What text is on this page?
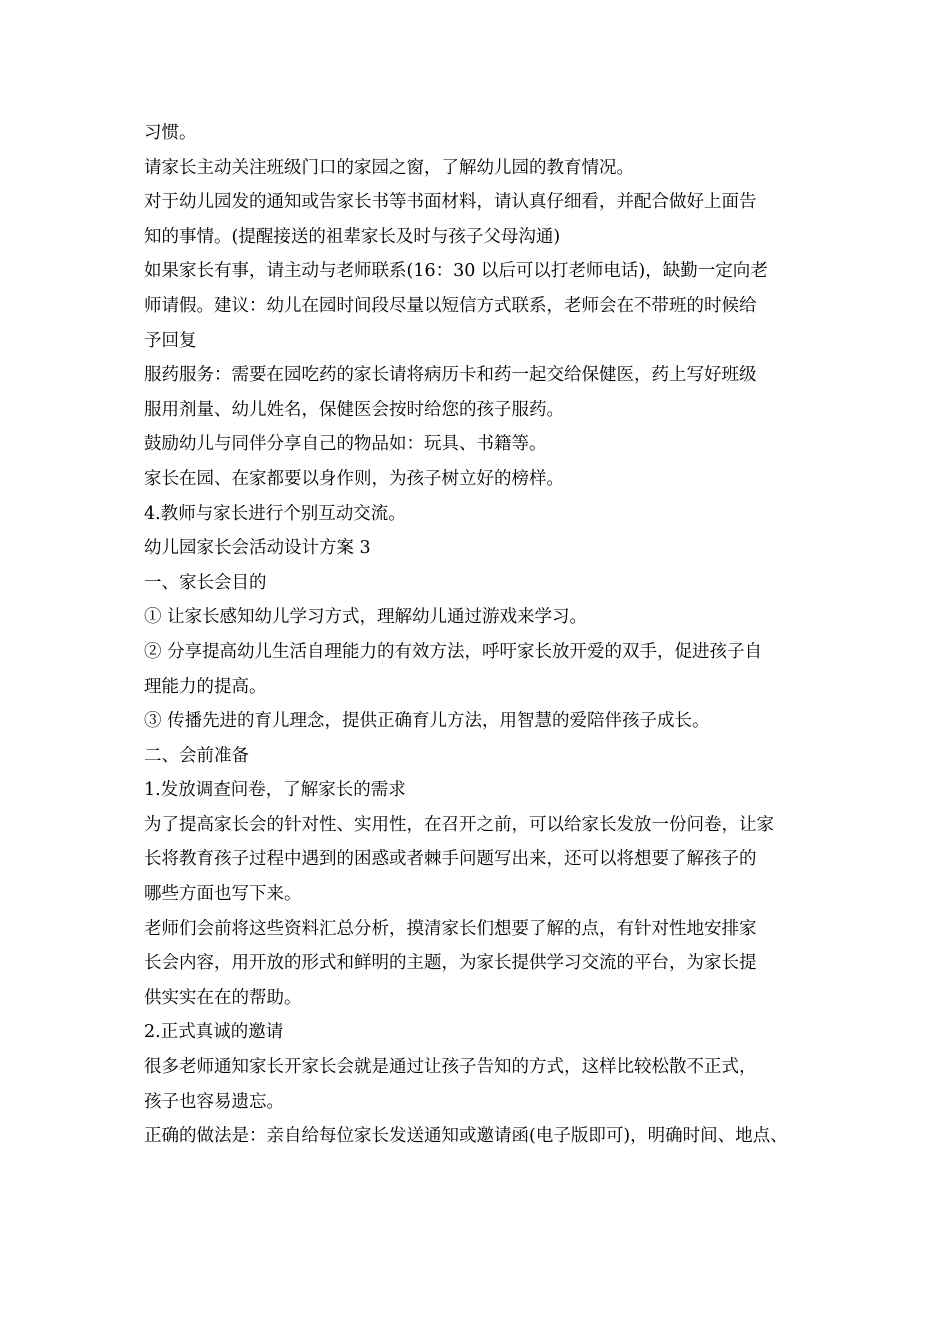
习惯。
请家长主动关注班级门口的家园之窗，了解幼儿园的教育情况。
对于幼儿园发的通知或告家长书等书面材料，请认真仔细看，并配合做好上面告
知的事情。(提醒接送的祖辈家长及时与孩子父母沟通)
如果家长有事，请主动与老师联系(16：30 以后可以打老师电话)，缺勤一定向老
师请假。建议：幼儿在园时间段尽量以短信方式联系，老师会在不带班的时候给
予回复
服药服务：需要在园吃药的家长请将病历卡和药一起交给保健医，药上写好班级
服用剂量、幼儿姓名，保健医会按时给您的孩子服药。
鼓励幼儿与同伴分享自己的物品如：玩具、书籍等。
家长在园、在家都要以身作则，为孩子树立好的榜样。
4.教师与家长进行个别互动交流。
幼儿园家长会活动设计方案 3
一、家长会目的
① 让家长感知幼儿学习方式，理解幼儿通过游戏来学习。
② 分享提高幼儿生活自理能力的有效方法，呼吁家长放开爱的双手，促进孩子自
理能力的提高。
③ 传播先进的育儿理念，提供正确育儿方法，用智慧的爱陪伴孩子成长。
二、会前准备
1.发放调查问卷，了解家长的需求
为了提高家长会的针对性、实用性，在召开之前，可以给家长发放一份问卷，让家
长将教育孩子过程中遇到的困惑或者棘手问题写出来，还可以将想要了解孩子的
哪些方面也写下来。
老师们会前将这些资料汇总分析，摸清家长们想要了解的点，有针对性地安排家
长会内容，用开放的形式和鲜明的主题，为家长提供学习交流的平台，为家长提
供实实在在的帮助。
2.正式真诚的邀请
很多老师通知家长开家长会就是通过让孩子告知的方式，这样比较松散不正式，
孩子也容易遗忘。
正确的做法是：亲自给每位家长发送通知或邀请函(电子版即可)，明确时间、地点、
